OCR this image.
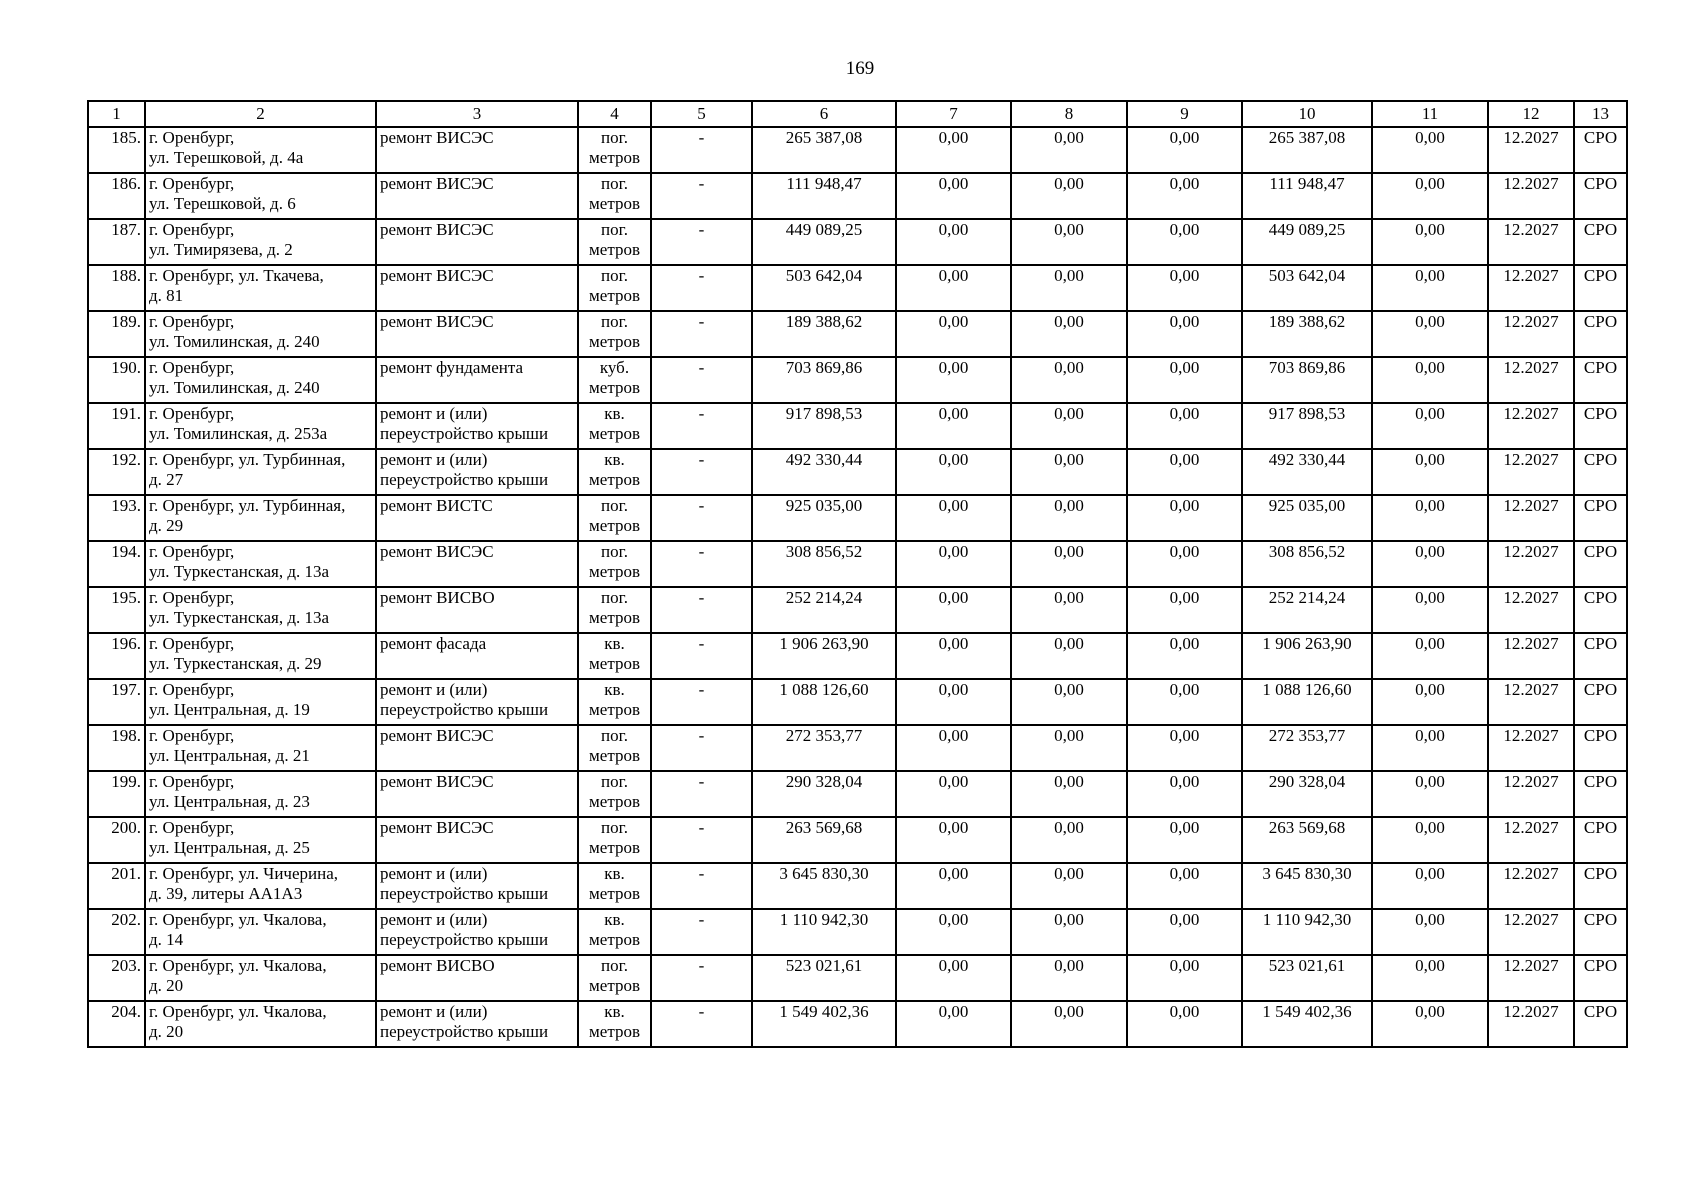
169
1	2	3	4	5	6	7	8	9	10	11	12	13
185.	г. Оренбург,
ул. Терешковой, д. 4а	ремонт ВИСЭС	пог.
метров	-	265 387,08	0,00	0,00	0,00	265 387,08	0,00	12.2027	СРО
186.	г. Оренбург,
ул. Терешковой, д. 6	ремонт ВИСЭС	пог.
метров	-	111 948,47	0,00	0,00	0,00	111 948,47	0,00	12.2027	СРО
187.	г. Оренбург,
ул. Тимирязева, д. 2	ремонт ВИСЭС	пог.
метров	-	449 089,25	0,00	0,00	0,00	449 089,25	0,00	12.2027	СРО
188.	г. Оренбург, ул. Ткачева,
д. 81	ремонт ВИСЭС	пог.
метров	-	503 642,04	0,00	0,00	0,00	503 642,04	0,00	12.2027	СРО
189.	г. Оренбург,
ул. Томилинская, д. 240	ремонт ВИСЭС	пог.
метров	-	189 388,62	0,00	0,00	0,00	189 388,62	0,00	12.2027	СРО
190.	г. Оренбург,
ул. Томилинская, д. 240	ремонт фундамента	куб.
метров	-	703 869,86	0,00	0,00	0,00	703 869,86	0,00	12.2027	СРО
191.	г. Оренбург,
ул. Томилинская, д. 253а	ремонт и (или)
переустройство крыши	кв.
метров	-	917 898,53	0,00	0,00	0,00	917 898,53	0,00	12.2027	СРО
192.	г. Оренбург, ул. Турбинная,
д. 27	ремонт и (или)
переустройство крыши	кв.
метров	-	492 330,44	0,00	0,00	0,00	492 330,44	0,00	12.2027	СРО
193.	г. Оренбург, ул. Турбинная,
д. 29	ремонт ВИСТС	пог.
метров	-	925 035,00	0,00	0,00	0,00	925 035,00	0,00	12.2027	СРО
194.	г. Оренбург,
ул. Туркестанская, д. 13а	ремонт ВИСЭС	пог.
метров	-	308 856,52	0,00	0,00	0,00	308 856,52	0,00	12.2027	СРО
195.	г. Оренбург,
ул. Туркестанская, д. 13а	ремонт ВИСВО	пог.
метров	-	252 214,24	0,00	0,00	0,00	252 214,24	0,00	12.2027	СРО
196.	г. Оренбург,
ул. Туркестанская, д. 29	ремонт фасада	кв.
метров	-	1 906 263,90	0,00	0,00	0,00	1 906 263,90	0,00	12.2027	СРО
197.	г. Оренбург,
ул. Центральная, д. 19	ремонт и (или)
переустройство крыши	кв.
метров	-	1 088 126,60	0,00	0,00	0,00	1 088 126,60	0,00	12.2027	СРО
198.	г. Оренбург,
ул. Центральная, д. 21	ремонт ВИСЭС	пог.
метров	-	272 353,77	0,00	0,00	0,00	272 353,77	0,00	12.2027	СРО
199.	г. Оренбург,
ул. Центральная, д. 23	ремонт ВИСЭС	пог.
метров	-	290 328,04	0,00	0,00	0,00	290 328,04	0,00	12.2027	СРО
200.	г. Оренбург,
ул. Центральная, д. 25	ремонт ВИСЭС	пог.
метров	-	263 569,68	0,00	0,00	0,00	263 569,68	0,00	12.2027	СРО
201.	г. Оренбург, ул. Чичерина,
д. 39, литеры АА1А3	ремонт и (или)
переустройство крыши	кв.
метров	-	3 645 830,30	0,00	0,00	0,00	3 645 830,30	0,00	12.2027	СРО
202.	г. Оренбург, ул. Чкалова,
д. 14	ремонт и (или)
переустройство крыши	кв.
метров	-	1 110 942,30	0,00	0,00	0,00	1 110 942,30	0,00	12.2027	СРО
203.	г. Оренбург, ул. Чкалова,
д. 20	ремонт ВИСВО	пог.
метров	-	523 021,61	0,00	0,00	0,00	523 021,61	0,00	12.2027	СРО
204.	г. Оренбург, ул. Чкалова,
д. 20	ремонт и (или)
переустройство крыши	кв.
метров	-	1 549 402,36	0,00	0,00	0,00	1 549 402,36	0,00	12.2027	СРО
